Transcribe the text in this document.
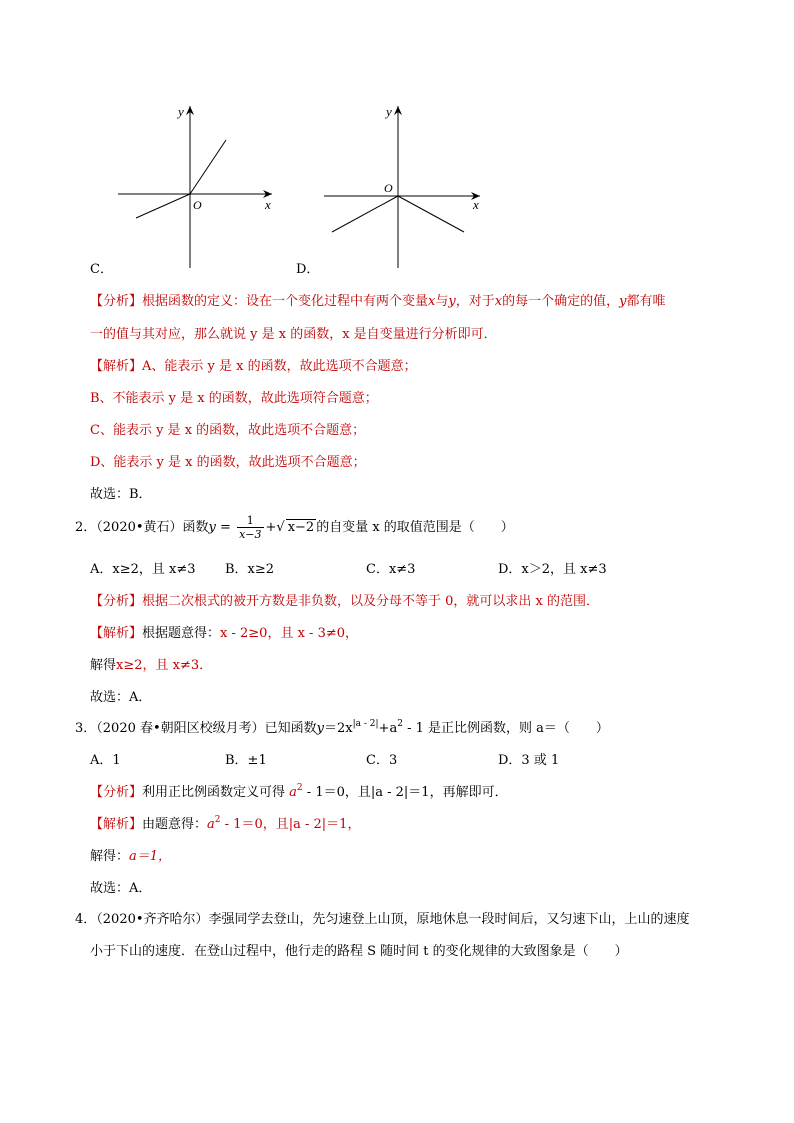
y
x
O
C．
y
x
O
D．
【分析】根据函数的定义：设在一个变化过程中有两个变量x与y，对于x的每一个确定的值，y都有唯
一的值与其对应，那么就说 y 是 x 的函数，x 是自变量进行分析即可．
【解析】A、能表示 y 是 x 的函数，故此选项不合题意；
B、不能表示 y 是 x 的函数，故此选项符合题意；
C、能表示 y 是 x 的函数，故此选项不合题意；
D、能表示 y 是 x 的函数，故此选项不合题意；
故选：B．
2．（2020•黄石）函数$y = \frac{1}{x-3}$ +√ x−2 的自变量 x 的取值范围是（　　）
A．x≥2，且 x≠3 B．x≥2	C．x≠3	D．x＞2，且 x≠3
【分析】根据二次根式的被开方数是非负数，以及分母不等于 0，就可以求出 x 的范围．
【解析】根据题意得：x - 2≥0，且 x - 3≠0，
解得x≥2，且 x≠3．
故选：A．
3．（2020 春•朝阳区校级月考）已知函数$y=2x^{|a - 2|}+a^2 - 1$ 是正比例函数，则 a＝（　　）
A．1	B．±1	C．3	D．3 或 1
【分析】利用正比例函数定义可得 $a^2 - 1=0$，且|a - 2|＝1，再解即可．
【解析】由题意得：$a^2 - 1=0$，且|a - 2|＝1，
解得：a＝1，
故选：A．
4．（2020•齐齐哈尔）李强同学去登山，先匀速登上山顶，原地休息一段时间后，又匀速下山，上山的速度
小于下山的速度．在登山过程中，他行走的路程 S 随时间 t 的变化规律的大致图象是（　　）
